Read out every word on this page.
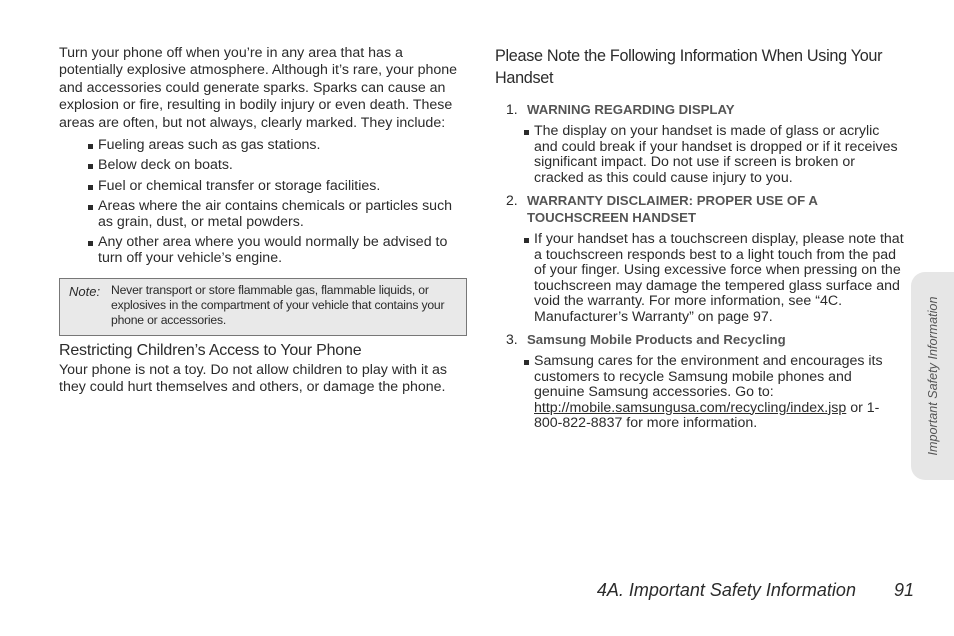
Turn your phone off when you’re in any area that has a potentially explosive atmosphere. Although it’s rare, your phone and accessories could generate sparks. Sparks can cause an explosion or fire, resulting in bodily injury or even death. These areas are often, but not always, clearly marked. They include:

Fueling areas such as gas stations.
Below deck on boats.
Fuel or chemical transfer or storage facilities.
Areas where the air contains chemicals or particles such as grain, dust, or metal powders.
Any other area where you would normally be advised to turn off your vehicle’s engine.
Note: Never transport or store flammable gas, flammable liquids, or explosives in the compartment of your vehicle that contains your phone or accessories.
Restricting Children’s Access to Your Phone

Your phone is not a toy. Do not allow children to play with it as they could hurt themselves and others, or damage the phone.

Please Note the Following Information When Using Your Handset
1. WARNING REGARDING DISPLAY
The display on your handset is made of glass or acrylic and could break if your handset is dropped or if it receives significant impact. Do not use if screen is broken or cracked as this could cause injury to you.
2. WARRANTY DISCLAIMER: PROPER USE OF A TOUCHSCREEN HANDSET
If your handset has a touchscreen display, please note that a touchscreen responds best to a light touch from the pad of your finger. Using excessive force when pressing on the touchscreen may damage the tempered glass surface and void the warranty. For more information, see “4C. Manufacturer’s Warranty” on page 97.
3. Samsung Mobile Products and Recycling
Samsung cares for the environment and encourages its customers to recycle Samsung mobile phones and genuine Samsung accessories. Go to: http://mobile.samsungusa.com/recycling/index.jsp or 1-800-822-8837 for more information.	Important Safety Information
4A. Important Safety Information 91
